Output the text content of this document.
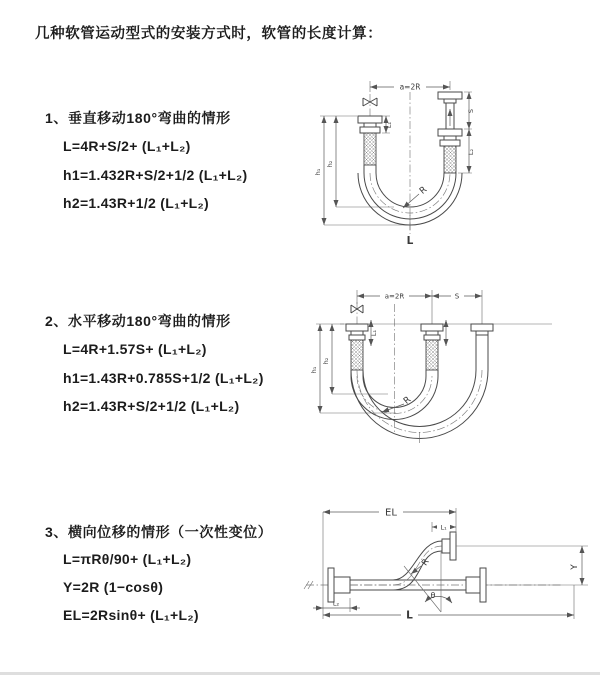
几种软管运动型式的安装方式时，软管的长度计算：
1、垂直移动180°弯曲的情形
L=4R+S/2+ (L₁+L₂)
h1=1.432R+S/2+1/2 (L₁+L₂)
h2=1.43R+1/2 (L₁+L₂)
2、水平移动180°弯曲的情形
L=4R+1.57S+ (L₁+L₂)
h1=1.43R+0.785S+1/2 (L₁+L₂)
h2=1.43R+S/2+1/2 (L₁+L₂)
3、横向位移的情形（一次性变位）
L=πRθ/90+ (L₁+L₂)
Y=2R (1−cosθ)
EL=2Rsinθ+ (L₁+L₂)
a=2R
h₁
h₂
L₁
S
L₂
R
L
a=2R	S
h₁
h₂
L₁
R
θ
R
EL
L₁
Y
L
L₂
